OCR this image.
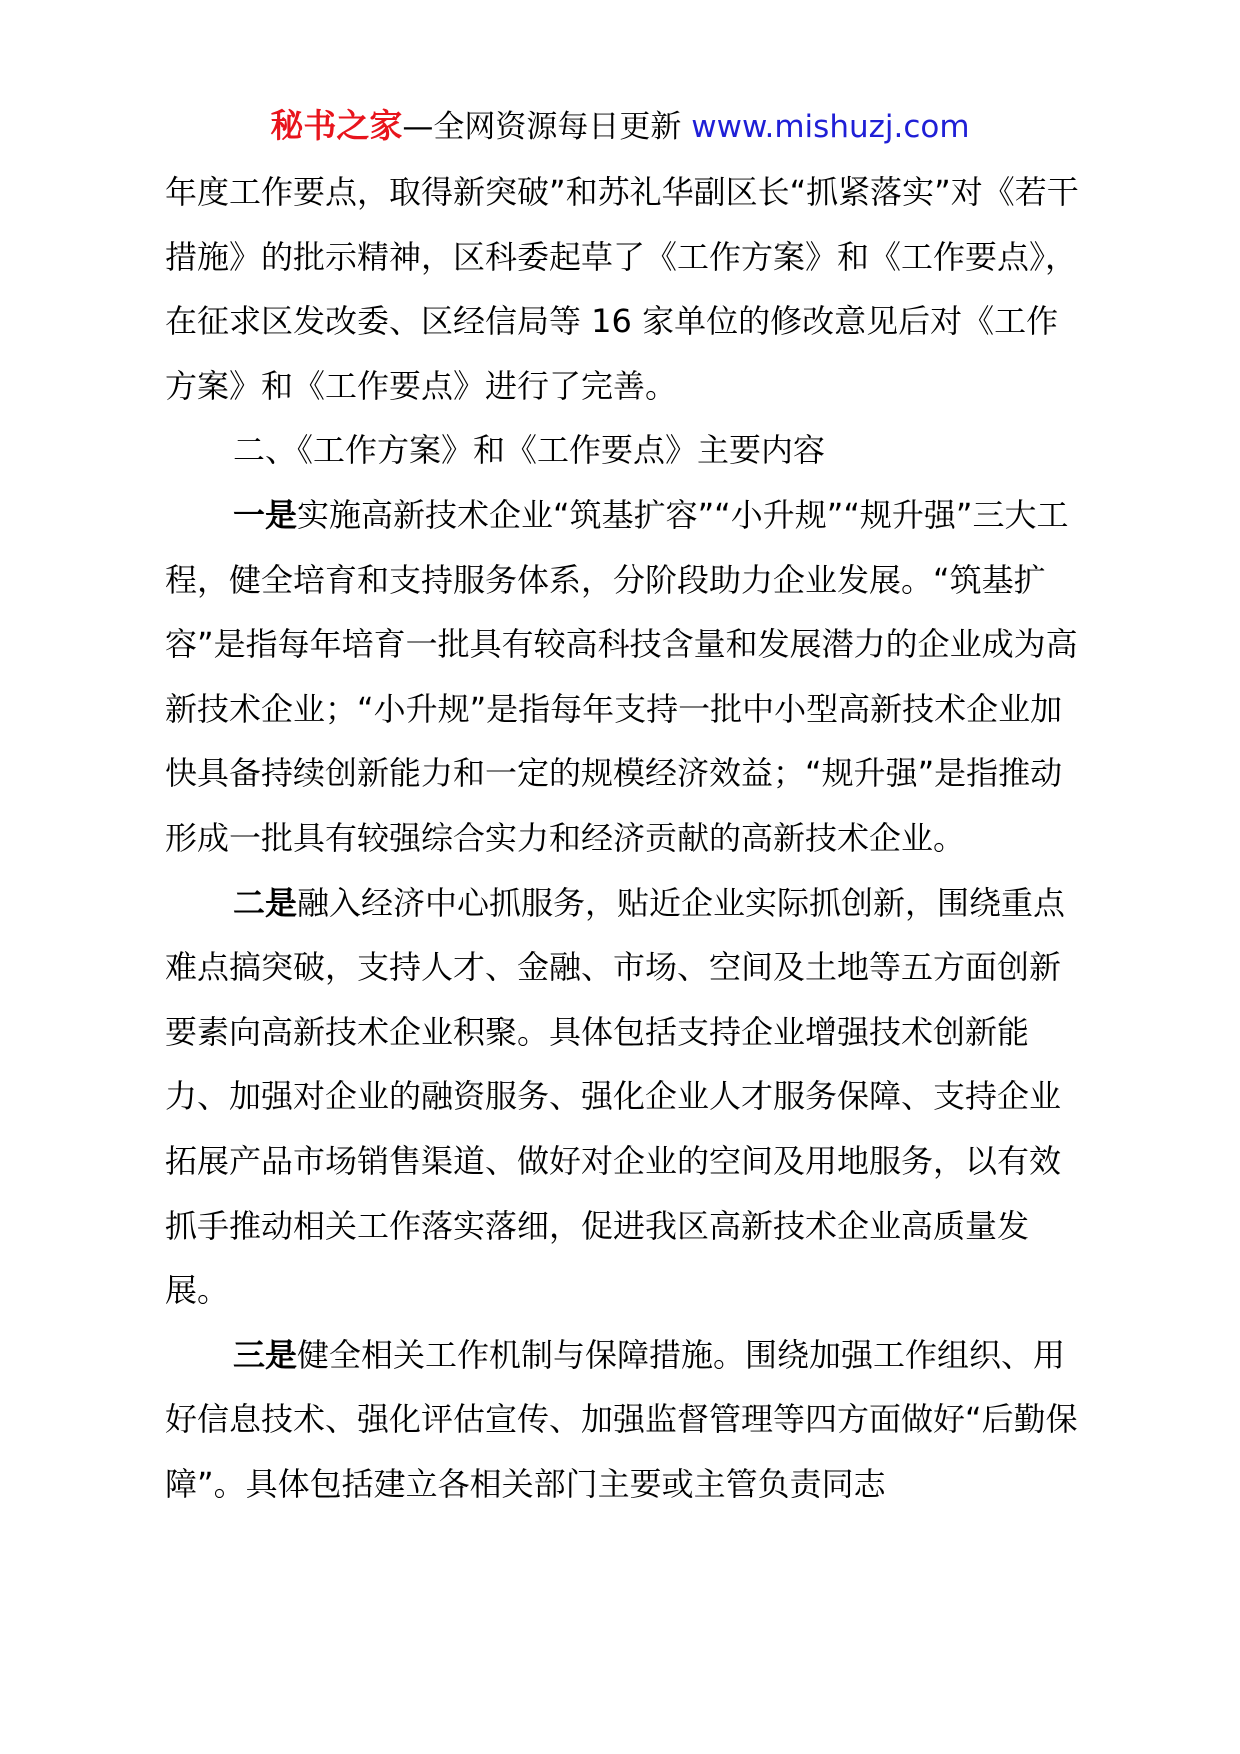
秘书之家—全网资源每日更新 www.mishuzj.com

年度工作要点，取得新突破”和苏礼华副区长“抓紧落实”对《若干措施》的批示精神，区科委起草了《工作方案》和《工作要点》，在征求区发改委、区经信局等 16 家单位的修改意见后对《工作方案》和《工作要点》进行了完善。

二、《工作方案》和《工作要点》主要内容

一是实施高新技术企业“筑基扩容”“小升规”“规升强”三大工程，健全培育和支持服务体系，分阶段助力企业发展。“筑基扩容”是指每年培育一批具有较高科技含量和发展潜力的企业成为高新技术企业；“小升规”是指每年支持一批中小型高新技术企业加快具备持续创新能力和一定的规模经济效益；“规升强”是指推动形成一批具有较强综合实力和经济贡献的高新技术企业。

二是融入经济中心抓服务，贴近企业实际抓创新，围绕重点难点搞突破，支持人才、金融、市场、空间及土地等五方面创新要素向高新技术企业积聚。具体包括支持企业增强技术创新能力、加强对企业的融资服务、强化企业人才服务保障、支持企业拓展产品市场销售渠道、做好对企业的空间及用地服务，以有效抓手推动相关工作落实落细，促进我区高新技术企业高质量发展。

三是健全相关工作机制与保障措施。围绕加强工作组织、用好信息技术、强化评估宣传、加强监督管理等四方面做好“后勤保障”。具体包括建立各相关部门主要或主管负责同志
